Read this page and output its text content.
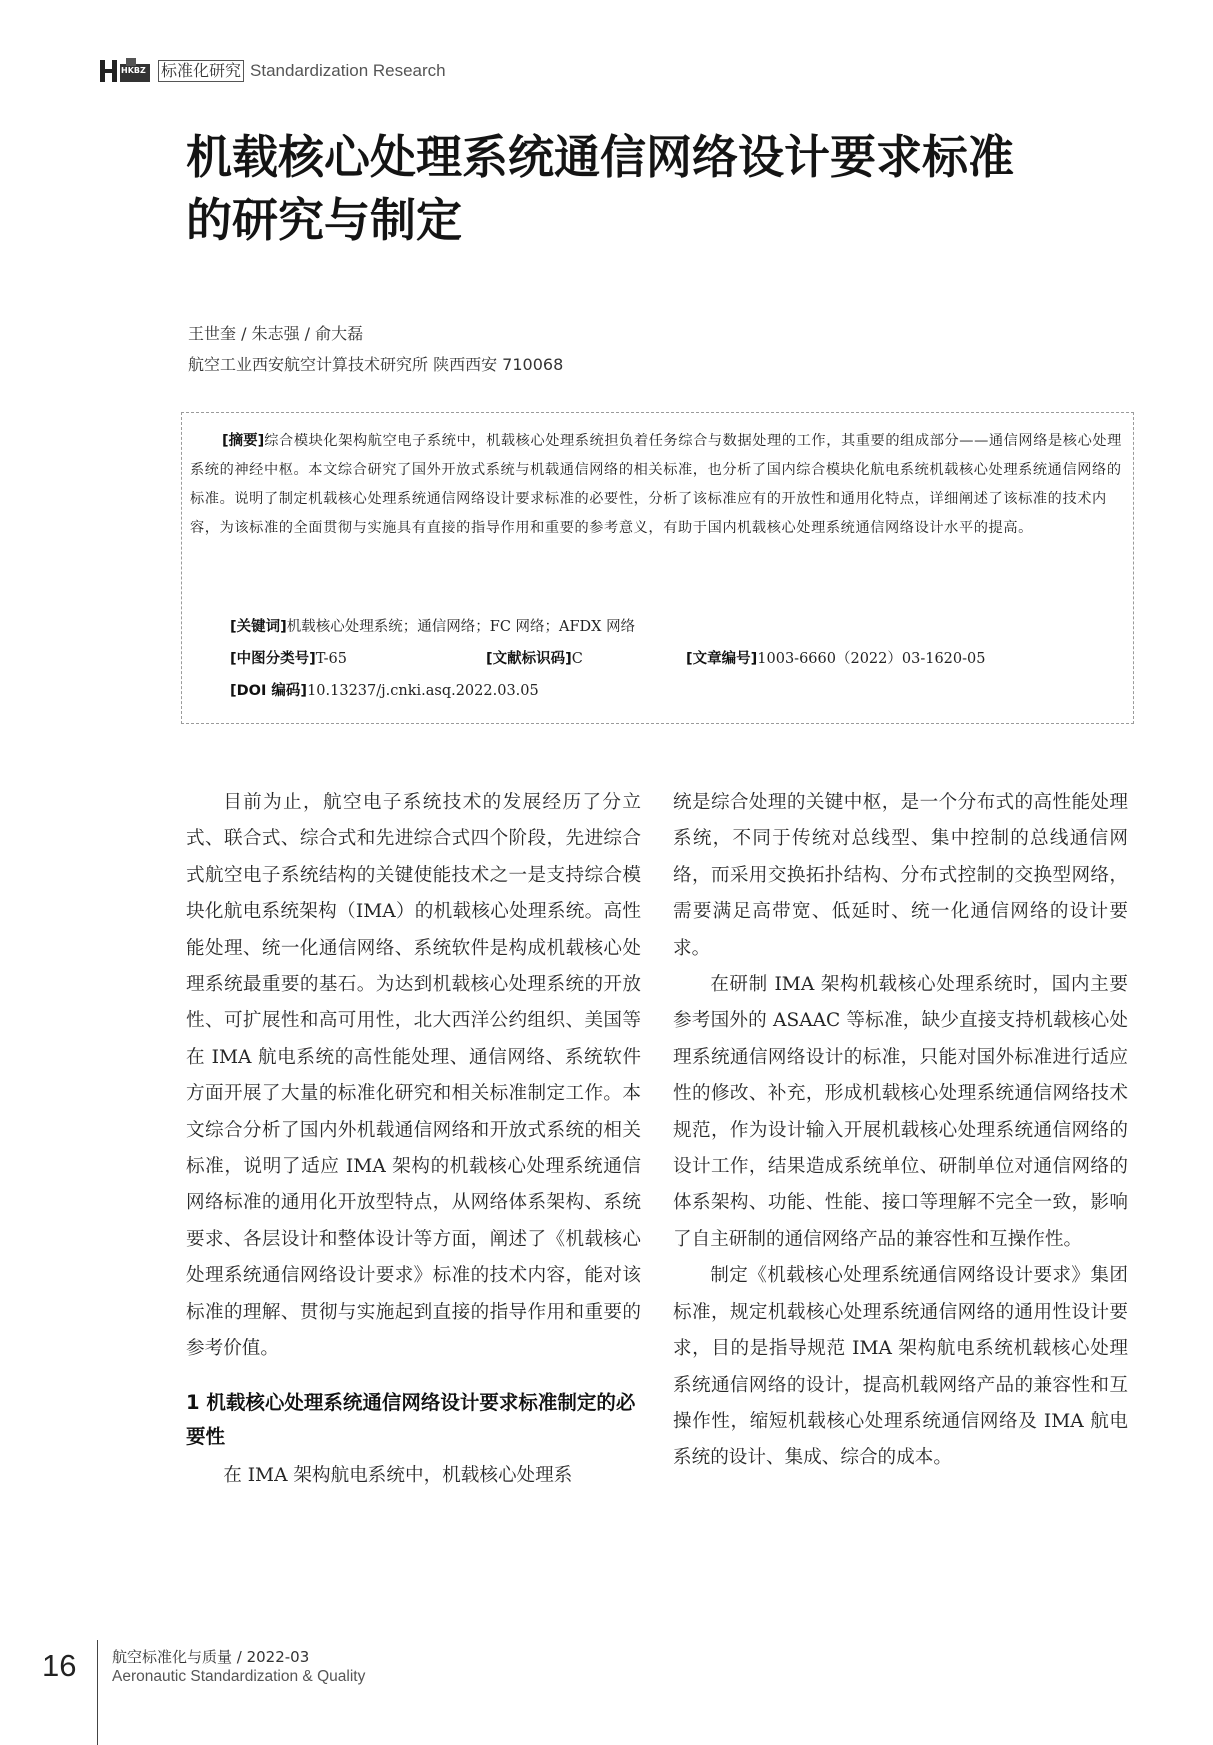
HKBZ 标准化研究 Standardization Research
机载核心处理系统通信网络设计要求标准
的研究与制定
王世奎 / 朱志强 / 俞大磊
航空工业西安航空计算技术研究所 陕西西安 710068

[摘要]综合模块化架构航空电子系统中，机载核心处理系统担负着任务综合与数据处理的工作，其重要的组成部分——通信网络是核心处理系统的神经中枢。本文综合研究了国外开放式系统与机载通信网络的相关标准，也分析了国内综合模块化航电系统机载核心处理系统通信网络的标准。说明了制定机载核心处理系统通信网络设计要求标准的必要性，分析了该标准应有的开放性和通用化特点，详细阐述了该标准的技术内容，为该标准的全面贯彻与实施具有直接的指导作用和重要的参考意义，有助于国内机载核心处理系统通信网络设计水平的提高。

[关键词]机载核心处理系统；通信网络；FC 网络；AFDX 网络
[中图分类号]T-65	[文献标识码]C	[文章编号]1003-6660（2022）03-1620-05
[DOI 编码]10.13237/j.cnki.asq.2022.03.05

目前为止，航空电子系统技术的发展经历了分立式、联合式、综合式和先进综合式四个阶段，先进综合式航空电子系统结构的关键使能技术之一是支持综合模块化航电系统架构（IMA）的机载核心处理系统。高性能处理、统一化通信网络、系统软件是构成机载核心处理系统最重要的基石。为达到机载核心处理系统的开放性、可扩展性和高可用性，北大西洋公约组织、美国等在 IMA 航电系统的高性能处理、通信网络、系统软件方面开展了大量的标准化研究和相关标准制定工作。本文综合分析了国内外机载通信网络和开放式系统的相关标准，说明了适应 IMA 架构的机载核心处理系统通信网络标准的通用化开放型特点，从网络体系架构、系统要求、各层设计和整体设计等方面，阐述了《机载核心处理系统通信网络设计要求》标准的技术内容，能对该标准的理解、贯彻与实施起到直接的指导作用和重要的参考价值。

1 机载核心处理系统通信网络设计要求标准制定的必要性

在 IMA 架构航电系统中，机载核心处理系

统是综合处理的关键中枢，是一个分布式的高性能处理系统，不同于传统对总线型、集中控制的总线通信网络，而采用交换拓扑结构、分布式控制的交换型网络，需要满足高带宽、低延时、统一化通信网络的设计要求。

在研制 IMA 架构机载核心处理系统时，国内主要参考国外的 ASAAC 等标准，缺少直接支持机载核心处理系统通信网络设计的标准，只能对国外标准进行适应性的修改、补充，形成机载核心处理系统通信网络技术规范，作为设计输入开展机载核心处理系统通信网络的设计工作，结果造成系统单位、研制单位对通信网络的体系架构、功能、性能、接口等理解不完全一致，影响了自主研制的通信网络产品的兼容性和互操作性。

制定《机载核心处理系统通信网络设计要求》集团标准，规定机载核心处理系统通信网络的通用性设计要求，目的是指导规范 IMA 架构航电系统机载核心处理系统通信网络的设计，提高机载网络产品的兼容性和互操作性，缩短机载核心处理系统通信网络及 IMA 航电系统的设计、集成、综合的成本。

16 航空标准化与质量 / 2022-03
Aeronautic Standardization & Quality
